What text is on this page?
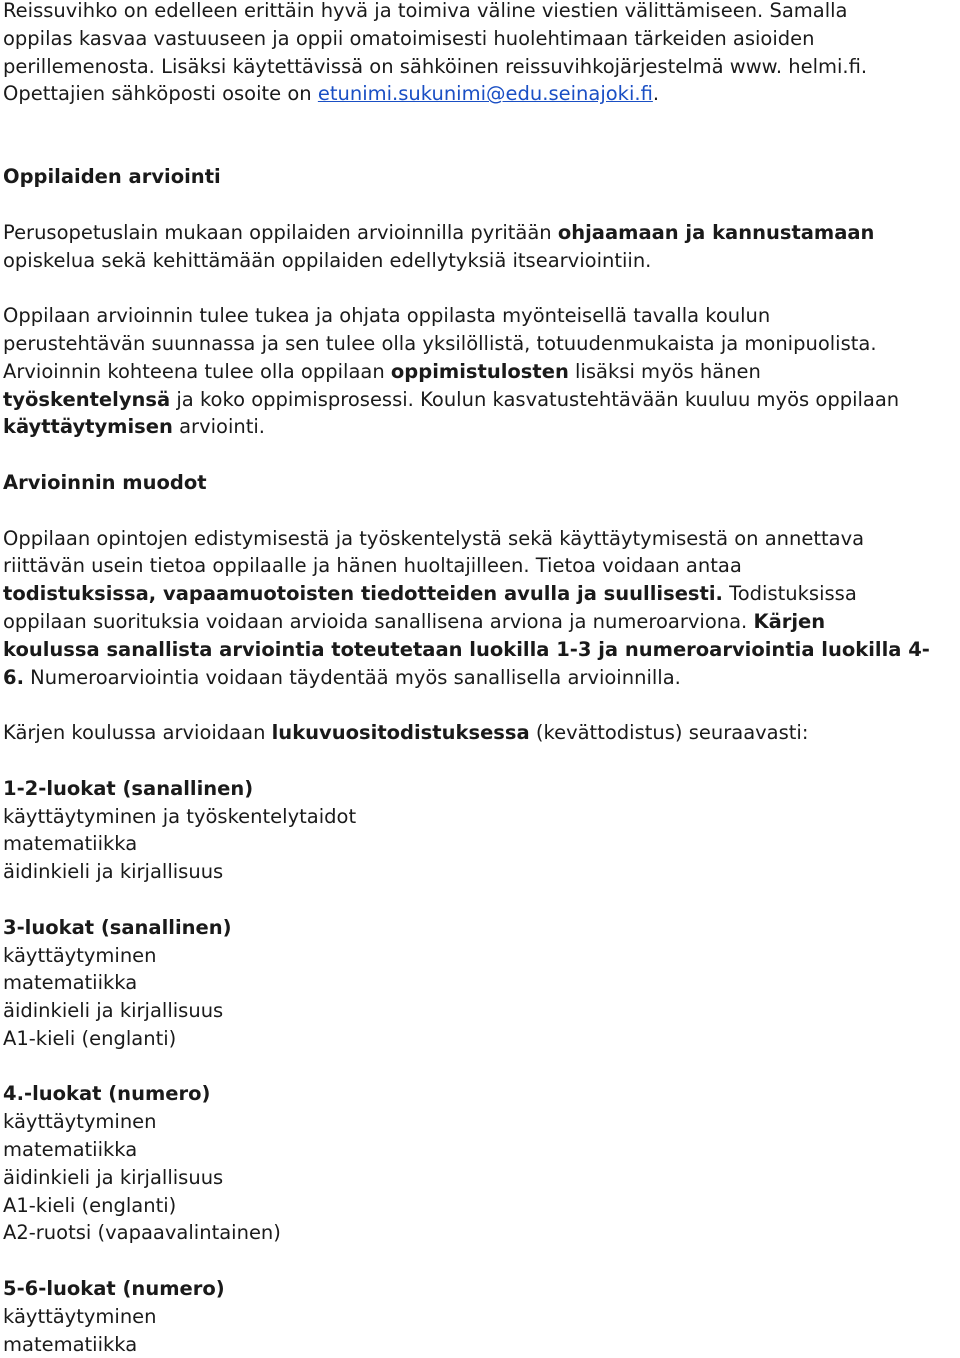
Reissuvihko on edelleen erittäin hyvä ja toimiva väline viestien välittämiseen. Samalla
oppilas kasvaa vastuuseen ja oppii omatoimisesti huolehtimaan tärkeiden asioiden
perillemenosta. Lisäksi käytettävissä on sähköinen reissuvihkojärjestelmä www. helmi.fi.
Opettajien sähköposti osoite on etunimi.sukunimi@edu.seinajoki.fi.
Oppilaiden arviointi
Perusopetuslain mukaan oppilaiden arvioinnilla pyritään ohjaamaan ja kannustamaan
opiskelua sekä kehittämään oppilaiden edellytyksiä itsearviointiin.
Oppilaan arvioinnin tulee tukea ja ohjata oppilasta myönteisellä tavalla koulun
perustehtävän suunnassa ja sen tulee olla yksilöllistä, totuudenmukaista ja monipuolista.
Arvioinnin kohteena tulee olla oppilaan oppimistulosten lisäksi myös hänen
työskentelynsä ja koko oppimisprosessi. Koulun kasvatustehtävään kuuluu myös oppilaan
käyttäytymisen arviointi.
Arvioinnin muodot
Oppilaan opintojen edistymisestä ja työskentelystä sekä käyttäytymisestä on annettava
riittävän usein tietoa oppilaalle ja hänen huoltajilleen. Tietoa voidaan antaa
todistuksissa, vapaamuotoisten tiedotteiden avulla ja suullisesti. Todistuksissa
oppilaan suorituksia voidaan arvioida sanallisena arviona ja numeroarviona. Kärjen
koulussa sanallista arviointia toteutetaan luokilla 1-3 ja numeroarviointia luokilla 4-
6. Numeroarviointia voidaan täydentää myös sanallisella arvioinnilla.
Kärjen koulussa arvioidaan lukuvuositodistuksessa (kevättodistus) seuraavasti:
1-2-luokat (sanallinen)
käyttäytyminen ja työskentelytaidot
matematiikka
äidinkieli ja kirjallisuus
3-luokat (sanallinen)
käyttäytyminen
matematiikka
äidinkieli ja kirjallisuus
A1-kieli (englanti)
4.-luokat (numero)
käyttäytyminen
matematiikka
äidinkieli ja kirjallisuus
A1-kieli (englanti)
A2-ruotsi (vapaavalintainen)
5-6-luokat (numero)
käyttäytyminen
matematiikka
